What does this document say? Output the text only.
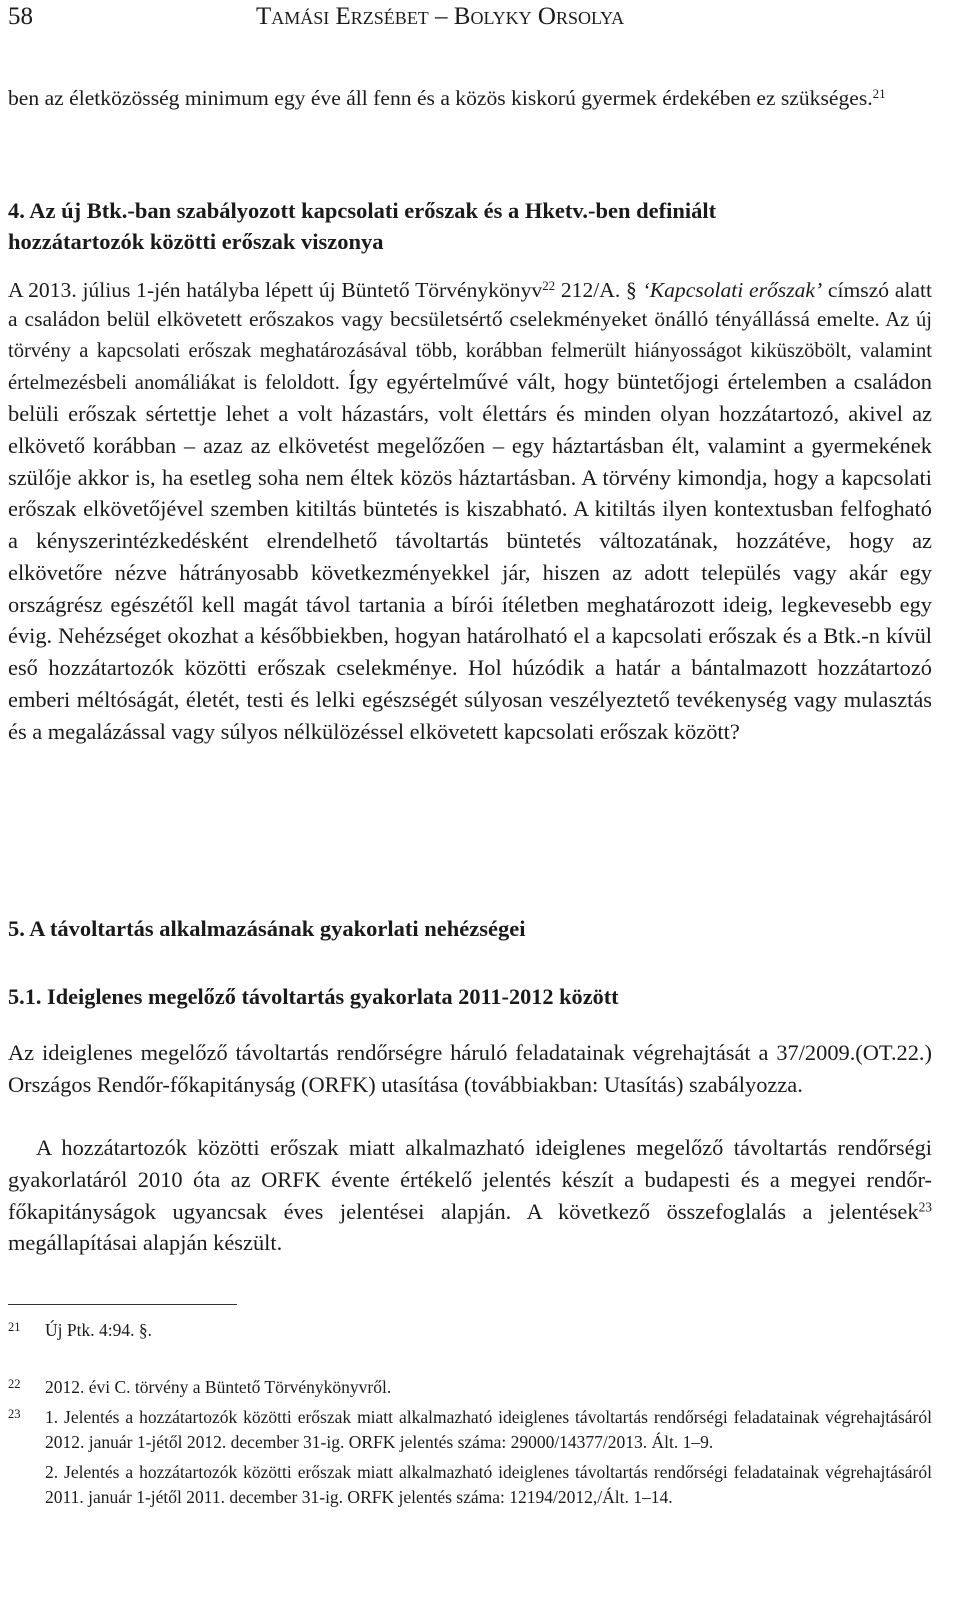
58	Tamási Erzsébet – Bolyky Orsolya

ben az életközösség minimum egy éve áll fenn és a közös kiskorú gyermek érdekében ez szükséges.$^{21}$

4. Az új Btk.-ban szabályozott kapcsolati erőszak és a Hketv.-ben definiált hozzátartozók közötti erőszak viszonya

A 2013. július 1-jén hatályba lépett új Büntető Törvénykönyv$^{22}$ 212/A. § ‘Kapcsolati erőszak’ címszó alatt a családon belül elkövetett erőszakos vagy becsületsértő cselekményeket önálló tényállássá emelte. Az új törvény a kapcsolati erőszak meghatározásával több, korábban felmerült hiányosságot kiküszöbölt, valamint értelmezésbeli anomáliákat is feloldott. Így egyértelművé vált, hogy büntetőjogi értelemben a családon belüli erőszak sértettje lehet a volt házastárs, volt élettárs és minden olyan hozzátartozó, akivel az elkövető korábban – azaz az elkövetést megelőzően – egy háztartásban élt, valamint a gyermekének szülője akkor is, ha esetleg soha nem éltek közös háztartásban. A törvény kimondja, hogy a kapcsolati erőszak elkövetőjével szemben kitiltás büntetés is kiszabható. A kitiltás ilyen kontextusban felfogható a kényszerintézkedésként elrendelhető távoltartás büntetés változatának, hozzátéve, hogy az elkövetőre nézve hátrányosabb következményekkel jár, hiszen az adott település vagy akár egy országrész egészétől kell magát távol tartania a bírói ítéletben meghatározott ideig, legkevesebb egy évig. Nehézséget okozhat a későbbiekben, hogyan határolható el a kapcsolati erőszak és a Btk.-n kívül eső hozzátartozók közötti erőszak cselekménye. Hol húzódik a határ a bántalmazott hozzátartozó emberi méltóságát, életét, testi és lelki egészségét súlyosan veszélyeztető tevékenység vagy mulasztás és a megalázással vagy súlyos nélkülözéssel elkövetett kapcsolati erőszak között?

5. A távoltartás alkalmazásának gyakorlati nehézségei
5.1. Ideiglenes megelőző távoltartás gyakorlata 2011-2012 között

Az ideiglenes megelőző távoltartás rendőrségre háruló feladatainak végrehajtását a 37/2009.(OT.22.) Országos Rendőr-főkapitányság (ORFK) utasítása (továbbiakban: Utasítás) szabályozza.

A hozzátartozók közötti erőszak miatt alkalmazható ideiglenes megelőző távoltartás rendőrségi gyakorlatáról 2010 óta az ORFK évente értékelő jelentés készít a budapesti és a megyei rendőr-főkapitányságok ugyancsak éves jelentései alapján. A következő összefoglalás a jelentések$^{23}$ megállapításai alapján készült.

21 Új Ptk. 4:94. §.
22 2012. évi C. törvény a Büntető Törvénykönyvről.
23 1. Jelentés a hozzátartozók közötti erőszak miatt alkalmazható ideiglenes távoltartás rendőrségi feladatainak végrehajtásáról 2012. január 1-jétől 2012. december 31-ig. ORFK jelentés száma: 29000/14377/2013. Ált. 1–9.
2. Jelentés a hozzátartozók közötti erőszak miatt alkalmazható ideiglenes távoltartás rendőrségi feladatainak végrehajtásáról 2011. január 1-jétől 2011. december 31-ig. ORFK jelentés száma: 12194/2012,/Ált. 1–14.
